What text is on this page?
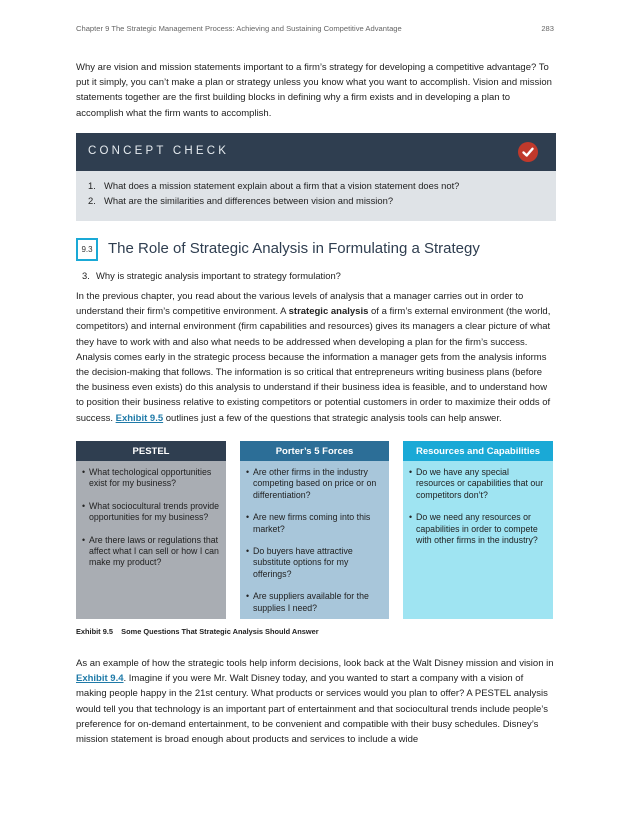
Chapter 9 The Strategic Management Process: Achieving and Sustaining Competitive Advantage	283

Why are vision and mission statements important to a firm’s strategy for developing a competitive advantage? To put it simply, you can’t make a plan or strategy unless you know what you want to accomplish. Vision and mission statements together are the first building blocks in defining why a firm exists and in developing a plan to accomplish what the firm wants to accomplish.

CONCEPT CHECK
1. What does a mission statement explain about a firm that a vision statement does not?
2. What are the similarities and differences between vision and mission?
9.3	The Role of Strategic Analysis in Formulating a Strategy
3. Why is strategic analysis important to strategy formulation?

In the previous chapter, you read about the various levels of analysis that a manager carries out in order to understand their firm’s competitive environment. A strategic analysis of a firm’s external environment (the world, competitors) and internal environment (firm capabilities and resources) gives its managers a clear picture of what they have to work with and also what needs to be addressed when developing a plan for the firm’s success. Analysis comes early in the strategic process because the information a manager gets from the analysis informs the decision-making that follows. The information is so critical that entrepreneurs writing business plans (before the business even exists) do this analysis to understand if their business idea is feasible, and to understand how to position their business relative to existing competitors or potential customers in order to maximize their odds of success. Exhibit 9.5 outlines just a few of the questions that strategic analysis tools can help answer.

PESTEL
• What techological opportunities exist for my business?
• What sociocultural trends provide opportunities for my business?
• Are there laws or regulations that affect what I can sell or how I can make my product?
Porter’s 5 Forces
• Are other firms in the industry competing based on price or on differentiation?
• Are new firms coming into this market?
• Do buyers have attractive substitute options for my offerings?
• Are suppliers available for the supplies I need?
Resources and Capabilities
• Do we have any special resources or capabilities that our competitors don’t?
• Do we need any resources or capabilities in order to compete with other firms in the industry?
Exhibit 9.5    Some Questions That Strategic Analysis Should Answer

As an example of how the strategic tools help inform decisions, look back at the Walt Disney mission and vision in Exhibit 9.4. Imagine if you were Mr. Walt Disney today, and you wanted to start a company with a vision of making people happy in the 21st century. What products or services would you plan to offer? A PESTEL analysis would tell you that technology is an important part of entertainment and that sociocultural trends include people’s preference for on-demand entertainment, to be convenient and compatible with their busy schedules. Disney’s mission statement is broad enough about products and services to include a wide
